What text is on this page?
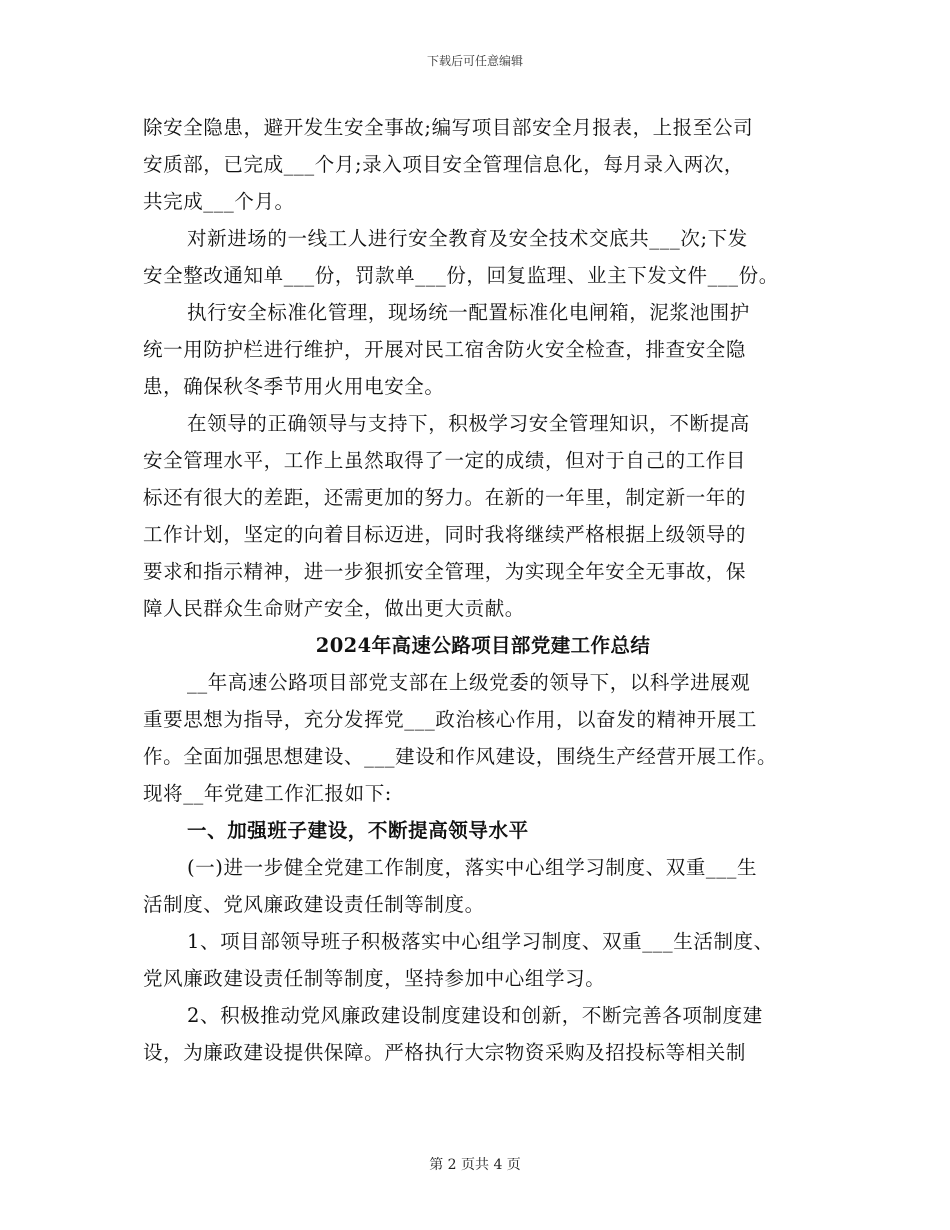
下载后可任意编辑
除安全隐患，避开发生安全事故;编写项目部安全月报表，上报至公司
安质部，已完成___个月;录入项目安全管理信息化，每月录入两次，
共完成___个月。
对新进场的一线工人进行安全教育及安全技术交底共___次;下发
安全整改通知单___份，罚款单___份，回复监理、业主下发文件___份。
执行安全标准化管理，现场统一配置标准化电闸箱，泥浆池围护
统一用防护栏进行维护，开展对民工宿舍防火安全检查，排查安全隐
患，确保秋冬季节用火用电安全。
在领导的正确领导与支持下，积极学习安全管理知识，不断提高
安全管理水平，工作上虽然取得了一定的成绩，但对于自己的工作目
标还有很大的差距，还需更加的努力。在新的一年里，制定新一年的
工作计划，坚定的向着目标迈进，同时我将继续严格根据上级领导的
要求和指示精神，进一步狠抓安全管理，为实现全年安全无事故，保
障人民群众生命财产安全，做出更大贡献。
2024年高速公路项目部党建工作总结
__年高速公路项目部党支部在上级党委的领导下，以科学进展观
重要思想为指导，充分发挥党___政治核心作用，以奋发的精神开展工
作。全面加强思想建设、___建设和作风建设，围绕生产经营开展工作。
现将__年党建工作汇报如下:
一、加强班子建设，不断提高领导水平
(一)进一步健全党建工作制度，落实中心组学习制度、双重___生
活制度、党风廉政建设责任制等制度。
1、项目部领导班子积极落实中心组学习制度、双重___生活制度、
党风廉政建设责任制等制度，坚持参加中心组学习。
2、积极推动党风廉政建设制度建设和创新，不断完善各项制度建
设，为廉政建设提供保障。严格执行大宗物资采购及招投标等相关制
第 2 页共 4 页
